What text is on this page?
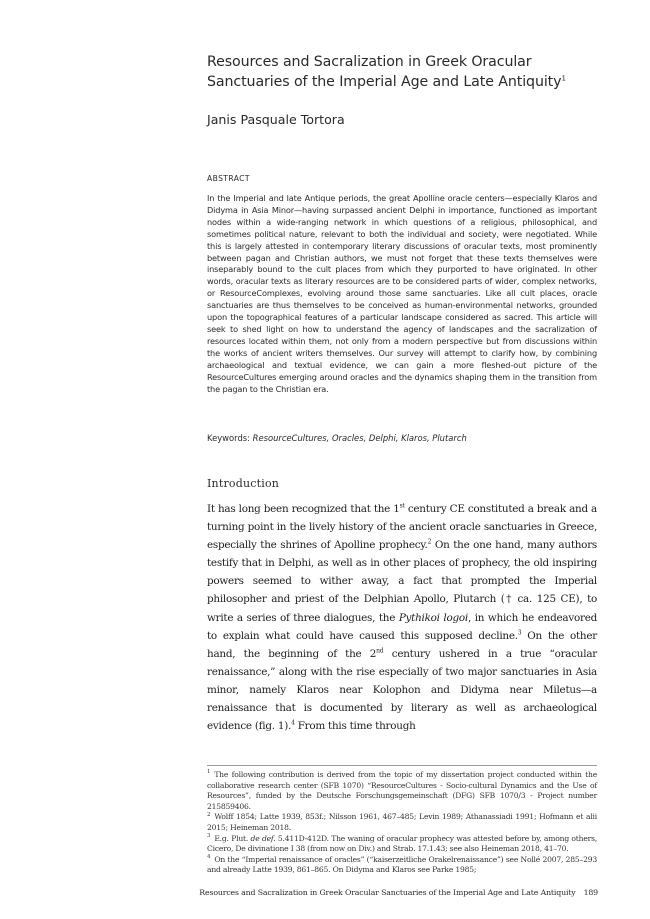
Resources and Sacralization in Greek Oracular Sanctuaries of the Imperial Age and Late Antiquity$^1$
Janis Pasquale Tortora
ABSTRACT

In the Imperial and late Antique periods, the great Apolline oracle centers—especially Klaros and Didyma in Asia Minor—having surpassed ancient Delphi in importance, functioned as important nodes within a wide-ranging network in which questions of a religious, philosophical, and sometimes political nature, relevant to both the individual and society, were negotiated. While this is largely attested in contemporary literary discussions of oracular texts, most prominently between pagan and Christian authors, we must not forget that these texts themselves were inseparably bound to the cult places from which they purported to have originated. In other words, oracular texts as literary resources are to be considered parts of wider, complex networks, or ResourceComplexes, evolving around those same sanctuaries. Like all cult places, oracle sanctuaries are thus themselves to be conceived as human-environmental networks, grounded upon the topographical features of a particular landscape considered as sacred. This article will seek to shed light on how to understand the agency of landscapes and the sacralization of resources located within them, not only from a modern perspective but from discussions within the works of ancient writers themselves. Our survey will attempt to clarify how, by combining archaeological and textual evidence, we can gain a more fleshed-out picture of the ResourceCultures emerging around oracles and the dynamics shaping them in the transition from the pagan to the Christian era.

Keywords: ResourceCultures, Oracles, Delphi, Klaros, Plutarch
Introduction

It has long been recognized that the 1st century CE constituted a break and a turning point in the lively history of the ancient oracle sanctuaries in Greece, especially the shrines of Apolline prophecy.$^2$ On the one hand, many authors testify that in Delphi, as well as in other places of prophecy, the old inspiring powers seemed to wither away, a fact that prompted the Imperial philosopher and priest of the Delphian Apollo, Plutarch († ca. 125 CE), to write a series of three dialogues, the Pythikoi logoi, in which he endeavored to explain what could have caused this supposed decline.$^3$ On the other hand, the beginning of the 2nd century ushered in a true “oracular renaissance,” along with the rise especially of two major sanctuaries in Asia minor, namely Klaros near Kolophon and Didyma near Miletus—a renaissance that is documented by literary as well as archaeological evidence (fig. 1).$^4$ From this time through

$^1$ The following contribution is derived from the topic of my dissertation project conducted within the collaborative research center (SFB 1070) “ResourceCultures - Socio-cultural Dynamics and the Use of Resources”, funded by the Deutsche Forschungsgemeinschaft (DFG) SFB 1070/3 - Project number 215859406.

$^2$ Wolff 1854; Latte 1939, 853f.; Nilsson 1961, 467–485; Levin 1989; Athanassiadi 1991; Hofmann et alii 2015; Heineman 2018.

$^3$ E.g. Plut. de def. 5.411D-412D. The waning of oracular prophecy was attested before by, among others, Cicero, De divinatione I 38 (from now on Div.) and Strab. 17.1.43; see also Heineman 2018, 41–70.

$^4$ On the “Imperial renaissance of oracles” (“kaiserzeitliche Orakelrenaissance”) see Nollé 2007, 285–293 and already Latte 1939, 861–865. On Didyma and Klaros see Parke 1985;

Resources and Sacralization in Greek Oracular Sanctuaries of the Imperial Age and Late Antiquity 189
